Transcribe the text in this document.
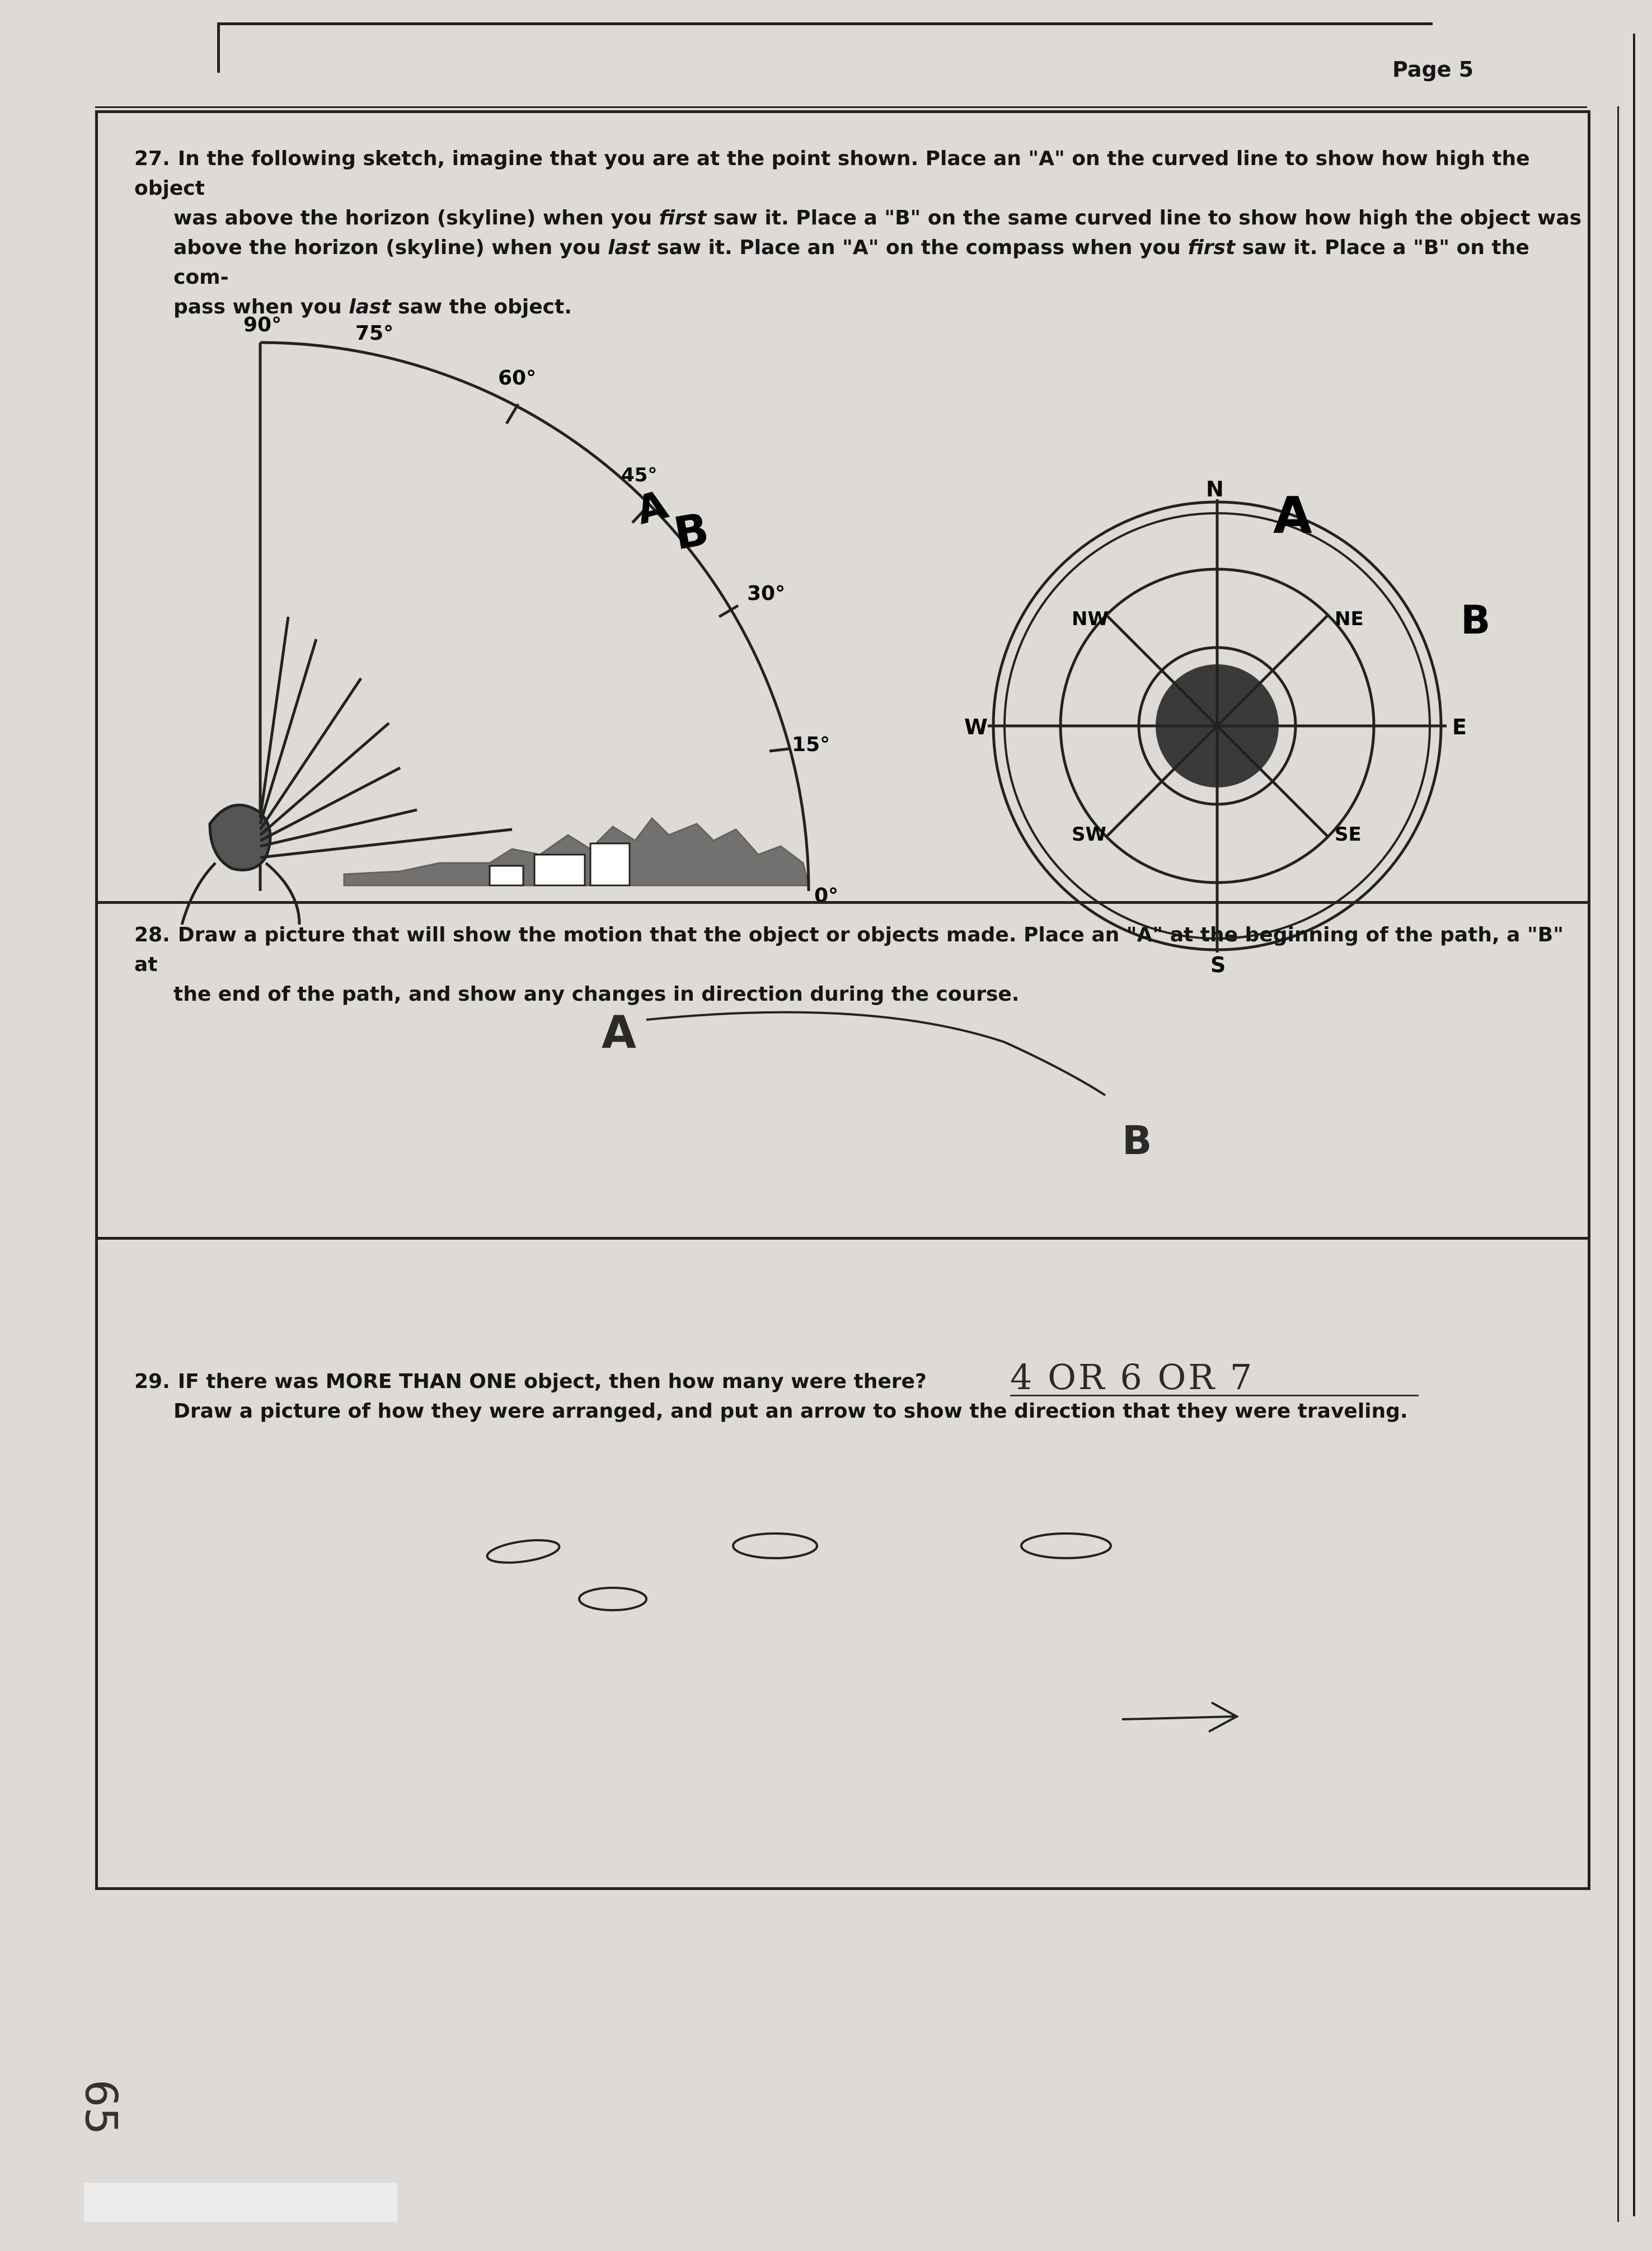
Page 5
27. In the following sketch, imagine that you are at the point shown. Place an "A" on the curved line to show how high the object
was above the horizon (skyline) when you first saw it. Place a "B" on the same curved line to show how high the object was
above the horizon (skyline) when you last saw it. Place an "A" on the compass when you first saw it. Place a "B" on the com-
pass when you last saw the object.
90°	75°
60°
45°
30°
15°
0°
A
B
N
S
E
W
NE
NW
SE
SW
A
B
28. Draw a picture that will show the motion that the object or objects made. Place an "A" at the beginning of the path, a "B" at
the end of the path, and show any changes in direction during the course.
A
B
29. IF there was MORE THAN ONE object, then how many were there?
Draw a picture of how they were arranged, and put an arrow to show the direction that they were traveling.
4 OR 6 OR 7
65
